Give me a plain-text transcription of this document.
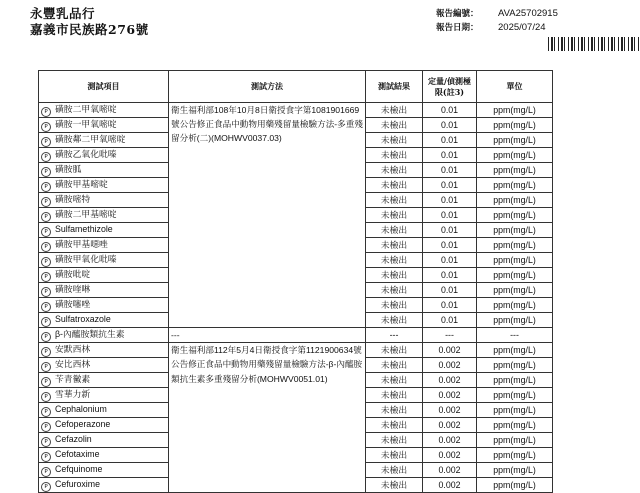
永豐乳品行
嘉義市民族路276號
報告編號：	AVA25702915
報告日期：	2025/07/24
測試項目	測試方法	測試結果	定量/偵測極限(註3)	單位
P 磺胺二甲氧嘧啶	衛生福利部108年10月8日衛授食字第1081901669號公告修正食品中動物用藥殘留量檢驗方法-多重殘留分析(二)(MOHWV0037.03)	未檢出	0.01	ppm(mg/L)
P 磺胺一甲氧嘧啶		未檢出	0.01	ppm(mg/L)
P 磺胺鄰二甲氧嘧啶		未檢出	0.01	ppm(mg/L)
P 磺胺乙氧化吡嗪		未檢出	0.01	ppm(mg/L)
P 磺胺胍		未檢出	0.01	ppm(mg/L)
P 磺胺甲基嘧啶		未檢出	0.01	ppm(mg/L)
P 磺胺嘧特		未檢出	0.01	ppm(mg/L)
P 磺胺二甲基嘧啶		未檢出	0.01	ppm(mg/L)
P Sulfamethizole		未檢出	0.01	ppm(mg/L)
P 磺胺甲基噁唑		未檢出	0.01	ppm(mg/L)
P 磺胺甲氧化吡嗪		未檢出	0.01	ppm(mg/L)
P 磺胺吡啶		未檢出	0.01	ppm(mg/L)
P 磺胺喹啉		未檢出	0.01	ppm(mg/L)
P 磺胺噻唑		未檢出	0.01	ppm(mg/L)
P Sulfatroxazole		未檢出	0.01	ppm(mg/L)
P β-內醯胺類抗生素	---	---	---	---
P 安默西林	衛生福利部112年5月4日衛授食字第1121900634號公告修正食品中動物用藥殘留量檢驗方法-β-內醯胺類抗生素多重殘留分析(MOHWV0051.01)	未檢出	0.002	ppm(mg/L)
P 安比西林		未檢出	0.002	ppm(mg/L)
P 苄青黴素		未檢出	0.002	ppm(mg/L)
P 雪華力新		未檢出	0.002	ppm(mg/L)
P Cephalonium		未檢出	0.002	ppm(mg/L)
P Cefoperazone		未檢出	0.002	ppm(mg/L)
P Cefazolin		未檢出	0.002	ppm(mg/L)
P Cefotaxime		未檢出	0.002	ppm(mg/L)
P Cefquinome		未檢出	0.002	ppm(mg/L)
P Cefuroxime		未檢出	0.002	ppm(mg/L)
